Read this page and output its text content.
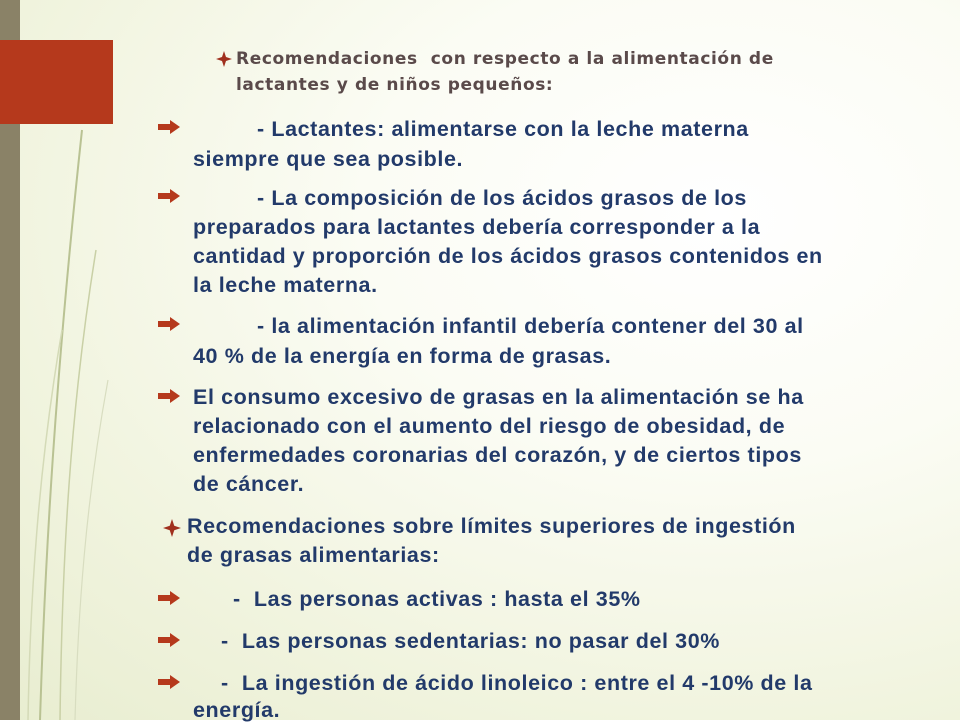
Recomendaciones  con respecto a la alimentación de
lactantes y de niños pequeños:
- Lactantes: alimentarse con la leche materna
siempre que sea posible.
- La composición de los ácidos grasos de los
preparados para lactantes debería corresponder a la
cantidad y proporción de los ácidos grasos contenidos en
la leche materna.
- la alimentación infantil debería contener del 30 al
40 % de la energía en forma de grasas.
El consumo excesivo de grasas en la alimentación se ha
relacionado con el aumento del riesgo de obesidad, de
enfermedades coronarias del corazón, y de ciertos tipos
de cáncer.
Recomendaciones sobre límites superiores de ingestión
de grasas alimentarias:
-  Las personas activas : hasta el 35%
-  Las personas sedentarias: no pasar del 30%
-  La ingestión de ácido linoleico : entre el 4 -10% de la
energía.
